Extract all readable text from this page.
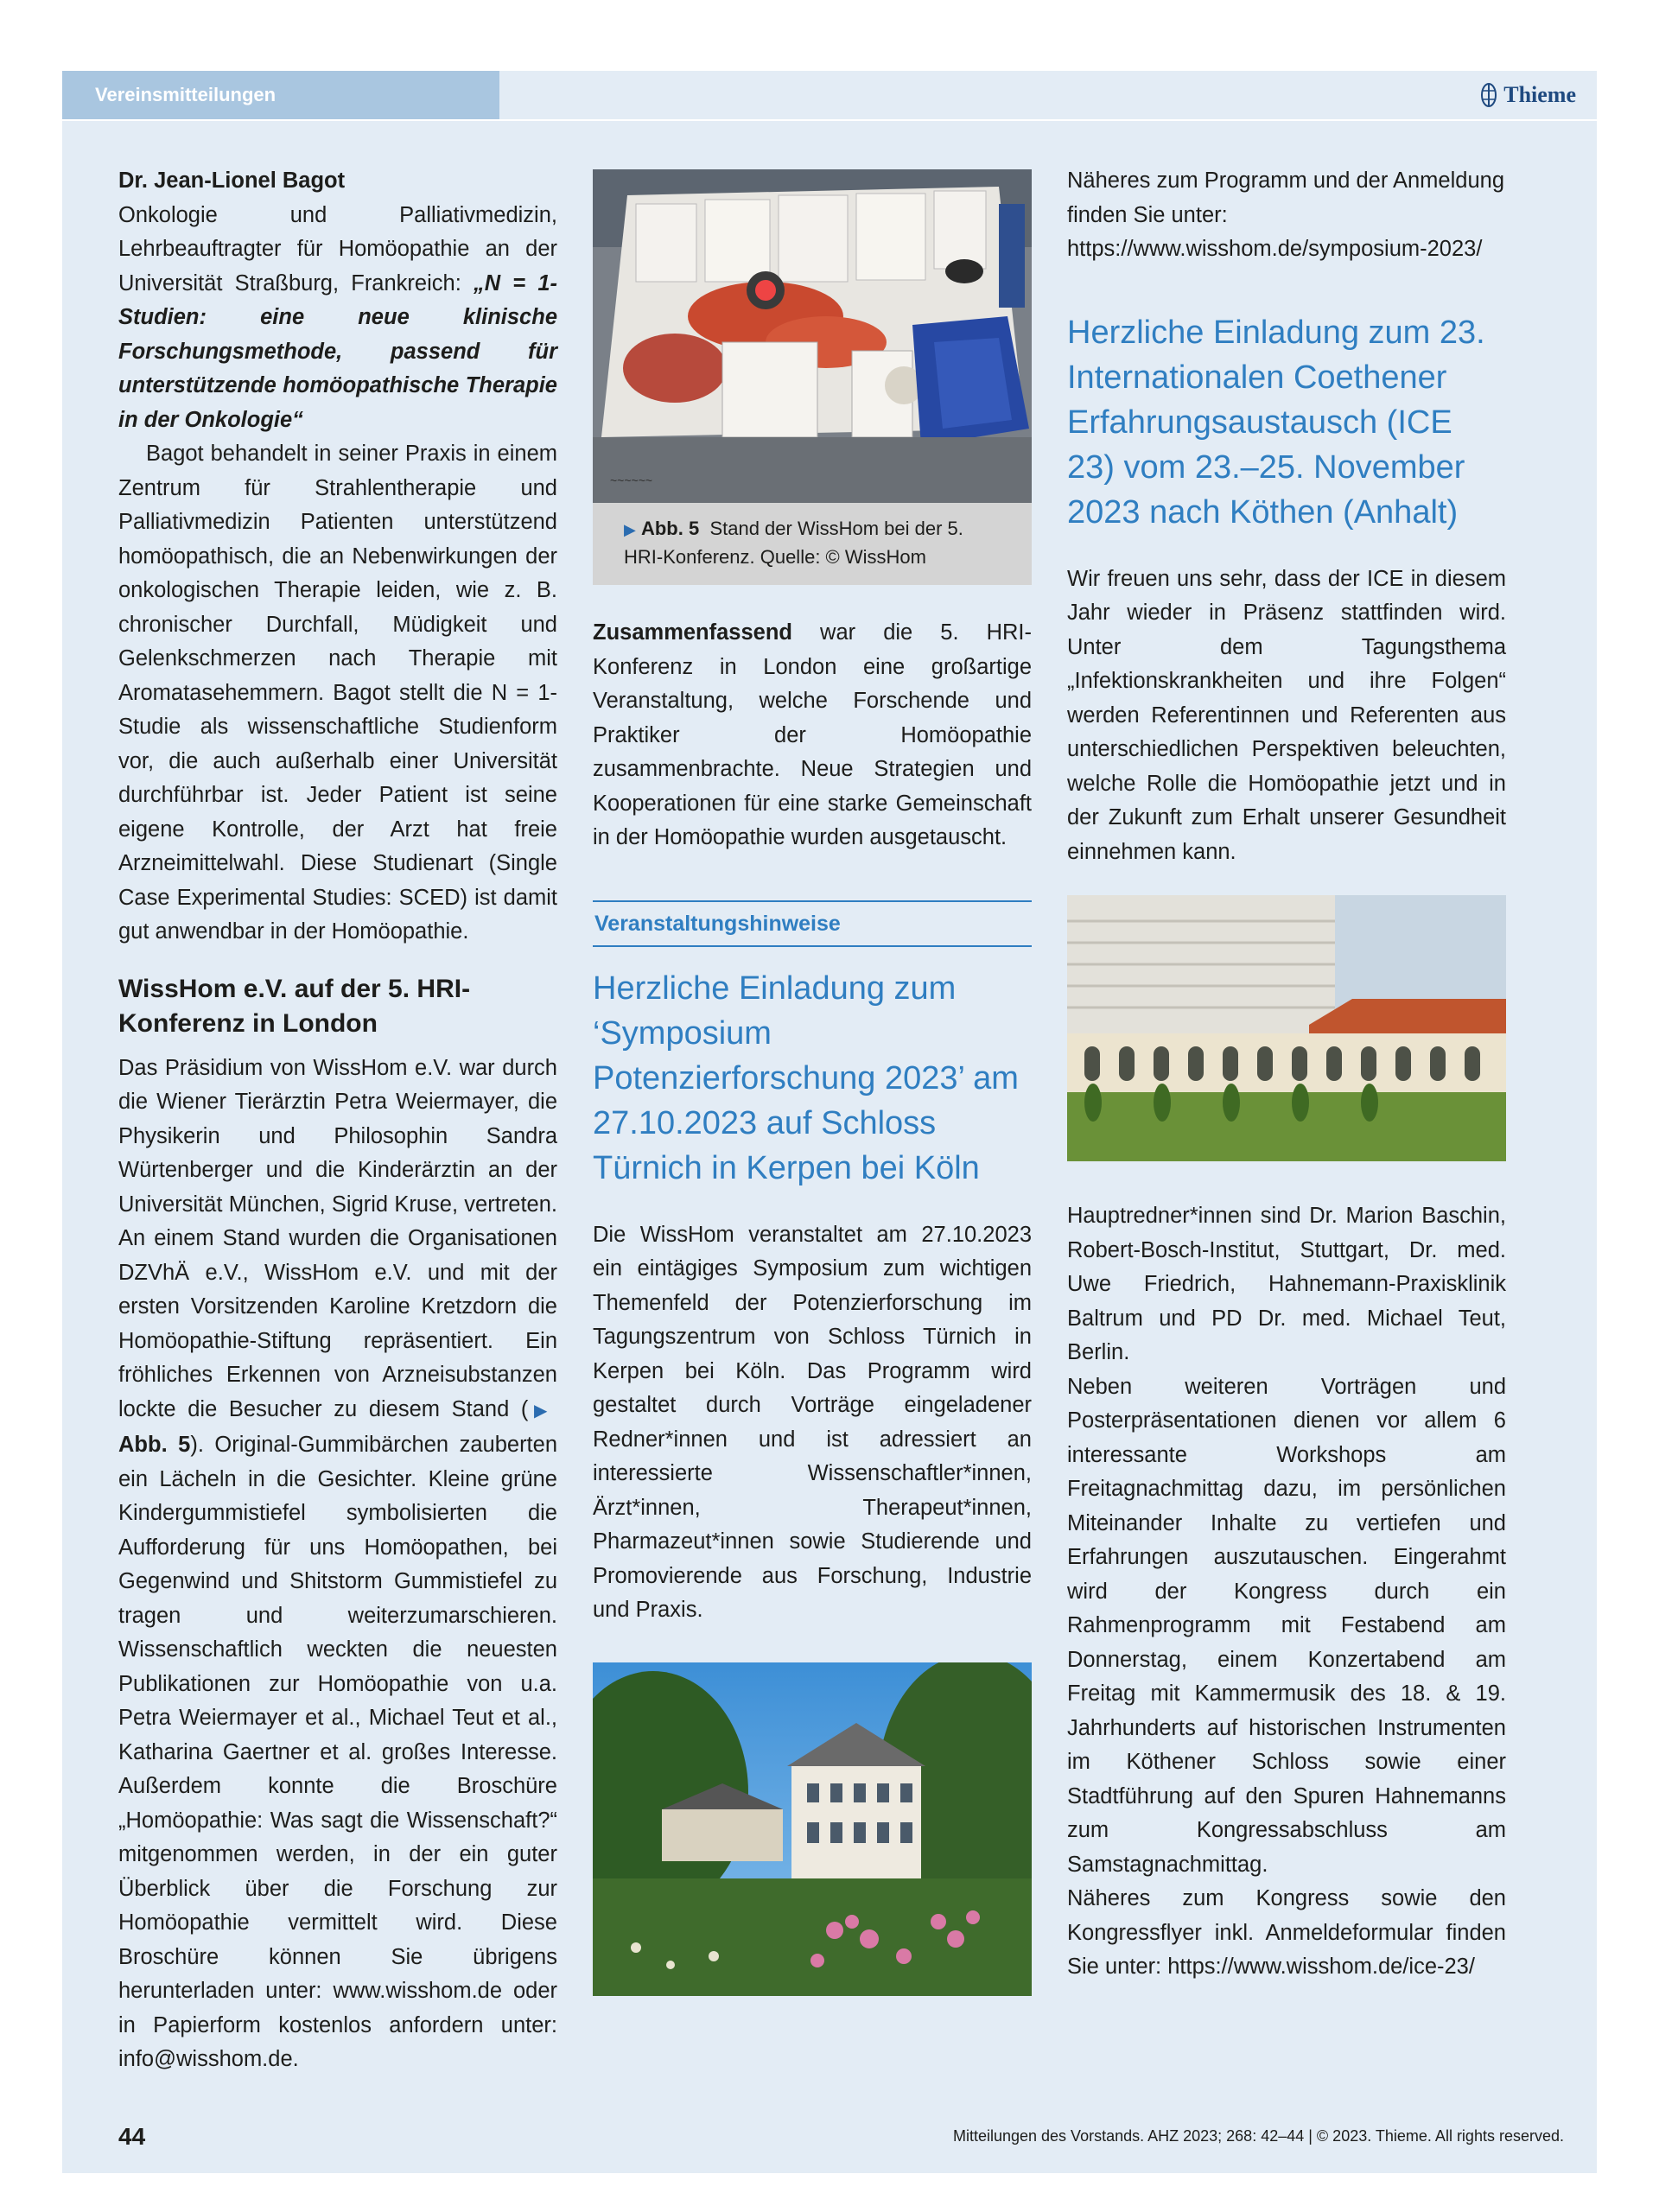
Vereinsmitteilungen	Thieme

Dr. Jean-Lionel Bagot
Onkologie und Palliativmedizin, Lehrbeauftragter für Homöopathie an der Universität Straßburg, Frankreich: „N = 1-Studien: eine neue klinische Forschungsmethode, passend für unterstützende homöopathische Therapie in der Onkologie“

Bagot behandelt in seiner Praxis in einem Zentrum für Strahlentherapie und Palliativmedizin Patienten unterstützend homöopathisch, die an Nebenwirkungen der onkologischen Therapie leiden, wie z. B. chronischer Durchfall, Müdigkeit und Gelenkschmerzen nach Therapie mit Aromatasehemmern. Bagot stellt die N = 1-Studie als wissenschaftliche Studienform vor, die auch außerhalb einer Universität durchführbar ist. Jeder Patient ist seine eigene Kontrolle, der Arzt hat freie Arzneimittelwahl. Diese Studienart (Single Case Experimental Studies: SCED) ist damit gut anwendbar in der Homöopathie.

WissHom e.V. auf der 5. HRI-Konferenz in London

Das Präsidium von WissHom e.V. war durch die Wiener Tierärztin Petra Weiermayer, die Physikerin und Philosophin Sandra Würtenberger und die Kinderärztin an der Universität München, Sigrid Kruse, vertreten. An einem Stand wurden die Organisationen DZVhÄ e.V., WissHom e.V. und mit der ersten Vorsitzenden Karoline Kretzdorn die Homöopathie-Stiftung repräsentiert. Ein fröhliches Erkennen von Arzneisubstanzen lockte die Besucher zu diesem Stand (▶ Abb. 5). Original-Gummibärchen zauberten ein Lächeln in die Gesichter. Kleine grüne Kindergummistiefel symbolisierten die Aufforderung für uns Homöopathen, bei Gegenwind und Shitstorm Gummistiefel zu tragen und weiterzumarschieren. Wissenschaftlich weckten die neuesten Publikationen zur Homöopathie von u.a. Petra Weiermayer et al., Michael Teut et al., Katharina Gaertner et al. großes Interesse. Außerdem konnte die Broschüre „Homöopathie: Was sagt die Wissenschaft?“ mitgenommen werden, in der ein guter Überblick über die Forschung zur Homöopathie vermittelt wird. Diese Broschüre können Sie übrigens herunterladen unter: www.wisshom.de oder in Papierform kostenlos anfordern unter: info@wisshom.de.

~~~~~~
▶ Abb. 5 Stand der WissHom bei der 5. HRI-Konferenz. Quelle: © WissHom

Zusammenfassend war die 5. HRI-Konferenz in London eine großartige Veranstaltung, welche Forschende und Praktiker der Homöopathie zusammenbrachte. Neue Strategien und Kooperationen für eine starke Gemeinschaft in der Homöopathie wurden ausgetauscht.

Veranstaltungshinweise
Herzliche Einladung zum ‘Symposium Potenzierforschung 2023’ am 27.10.2023 auf Schloss Türnich in Kerpen bei Köln

Die WissHom veranstaltet am 27.10.2023 ein eintägiges Symposium zum wichtigen Themenfeld der Potenzierforschung im Tagungszentrum von Schloss Türnich in Kerpen bei Köln. Das Programm wird gestaltet durch Vorträge eingeladener Redner*innen und ist adressiert an interessierte Wissenschaftler*innen, Ärzt*innen, Therapeut*innen, Pharmazeut*innen sowie Studierende und Promovierende aus Forschung, Industrie und Praxis.

Näheres zum Programm und der Anmeldung finden Sie unter: https://www.wisshom.de/symposium-2023/

Herzliche Einladung zum 23. Internationalen Coethener Erfahrungsaustausch (ICE 23) vom 23.–25. November 2023 nach Köthen (Anhalt)

Wir freuen uns sehr, dass der ICE in diesem Jahr wieder in Präsenz stattfinden wird. Unter dem Tagungsthema „Infektionskrankheiten und ihre Folgen“ werden Referentinnen und Referenten aus unterschiedlichen Perspektiven beleuchten, welche Rolle die Homöopathie jetzt und in der Zukunft zum Erhalt unserer Gesundheit einnehmen kann.

Hauptredner*innen sind Dr. Marion Baschin, Robert-Bosch-Institut, Stuttgart, Dr. med. Uwe Friedrich, Hahnemann-Praxisklinik Baltrum und PD Dr. med. Michael Teut, Berlin.

Neben weiteren Vorträgen und Posterpräsentationen dienen vor allem 6 interessante Workshops am Freitagnachmittag dazu, im persönlichen Miteinander Inhalte zu vertiefen und Erfahrungen auszutauschen. Eingerahmt wird der Kongress durch ein Rahmenprogramm mit Festabend am Donnerstag, einem Konzertabend am Freitag mit Kammermusik des 18. & 19. Jahrhunderts auf historischen Instrumenten im Köthener Schloss sowie einer Stadtführung auf den Spuren Hahnemanns zum Kongressabschluss am Samstagnachmittag.

Näheres zum Kongress sowie den Kongressflyer inkl. Anmeldeformular finden Sie unter: https://www.wisshom.de/ice-23/

44	Mitteilungen des Vorstands. AHZ 2023; 268: 42–44 | © 2023. Thieme. All rights reserved.
